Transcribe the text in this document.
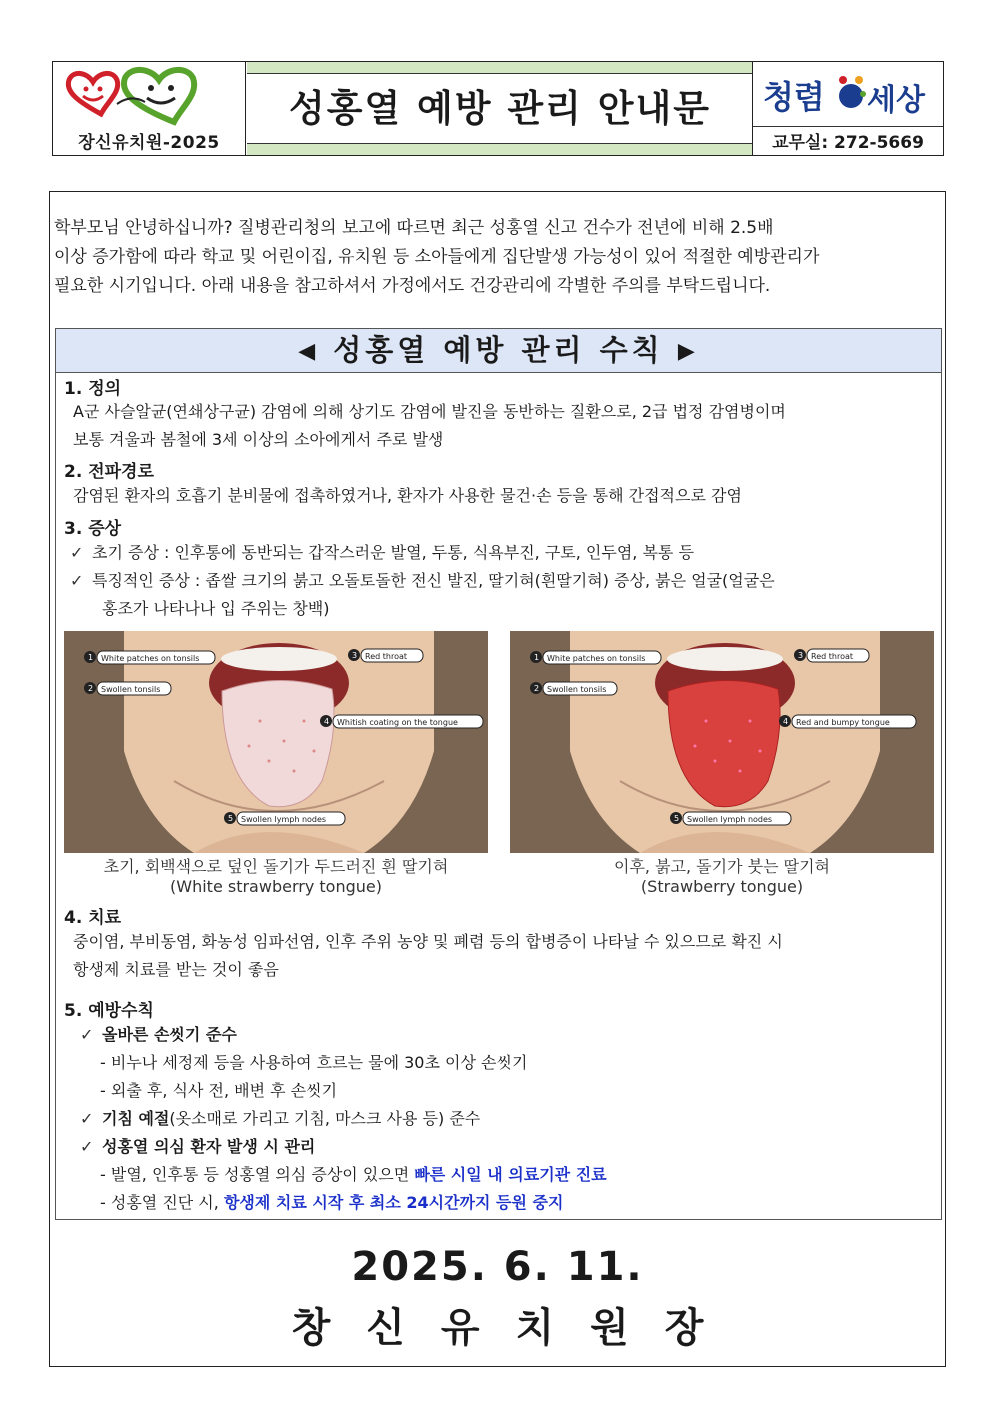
장신유치원-2025
성홍열 예방 관리 안내문	청렴 세상
교무실: 272-5669
학부모님 안녕하십니까? 질병관리청의 보고에 따르면 최근 성홍열 신고 건수가 전년에 비해 2.5배
이상 증가함에 따라 학교 및 어린이집, 유치원 등 소아들에게 집단발생 가능성이 있어 적절한 예방관리가
필요한 시기입니다. 아래 내용을 참고하셔서 가정에서도 건강관리에 각별한 주의를 부탁드립니다.
◀ 성홍열 예방 관리 수칙 ▶
1. 정의
A군 사슬알균(연쇄상구균) 감염에 의해 상기도 감염에 발진을 동반하는 질환으로, 2급 법정 감염병이며
보통 겨울과 봄철에 3세 이상의 소아에게서 주로 발생
2. 전파경로
감염된 환자의 호흡기 분비물에 접촉하였거나, 환자가 사용한 물건·손 등을 통해 간접적으로 감염
3. 증상
✓ 초기 증상 : 인후통에 동반되는 갑작스러운 발열, 두통, 식욕부진, 구토, 인두염, 복통 등
✓ 특징적인 증상 : 좁쌀 크기의 붉고 오돌토돌한 전신 발진, 딸기혀(흰딸기혀) 증상, 붉은 얼굴(얼굴은
홍조가 나타나나 입 주위는 창백)
1 White patches on tonsils
2 Swollen tonsils
3 Red throat
4 Whitish coating on the tongue
5 Swollen lymph nodes
1 White patches on tonsils
2 Swollen tonsils
3 Red throat
4 Red and bumpy tongue
5 Swollen lymph nodes
초기, 회백색으로 덮인 돌기가 두드러진 흰 딸기혀
(White strawberry tongue)
이후, 붉고, 돌기가 붓는 딸기혀
(Strawberry tongue)
4. 치료
중이염, 부비동염, 화농성 임파선염, 인후 주위 농양 및 폐렴 등의 합병증이 나타날 수 있으므로 확진 시
항생제 치료를 받는 것이 좋음
5. 예방수칙
✓ 올바른 손씻기 준수
- 비누나 세정제 등을 사용하여 흐르는 물에 30초 이상 손씻기
- 외출 후, 식사 전, 배변 후 손씻기
✓ 기침 예절(옷소매로 가리고 기침, 마스크 사용 등) 준수
✓ 성홍열 의심 환자 발생 시 관리
- 발열, 인후통 등 성홍열 의심 증상이 있으면 빠른 시일 내 의료기관 진료
- 성홍열 진단 시, 항생제 치료 시작 후 최소 24시간까지 등원 중지
2025. 6. 11.
창신유치원장
